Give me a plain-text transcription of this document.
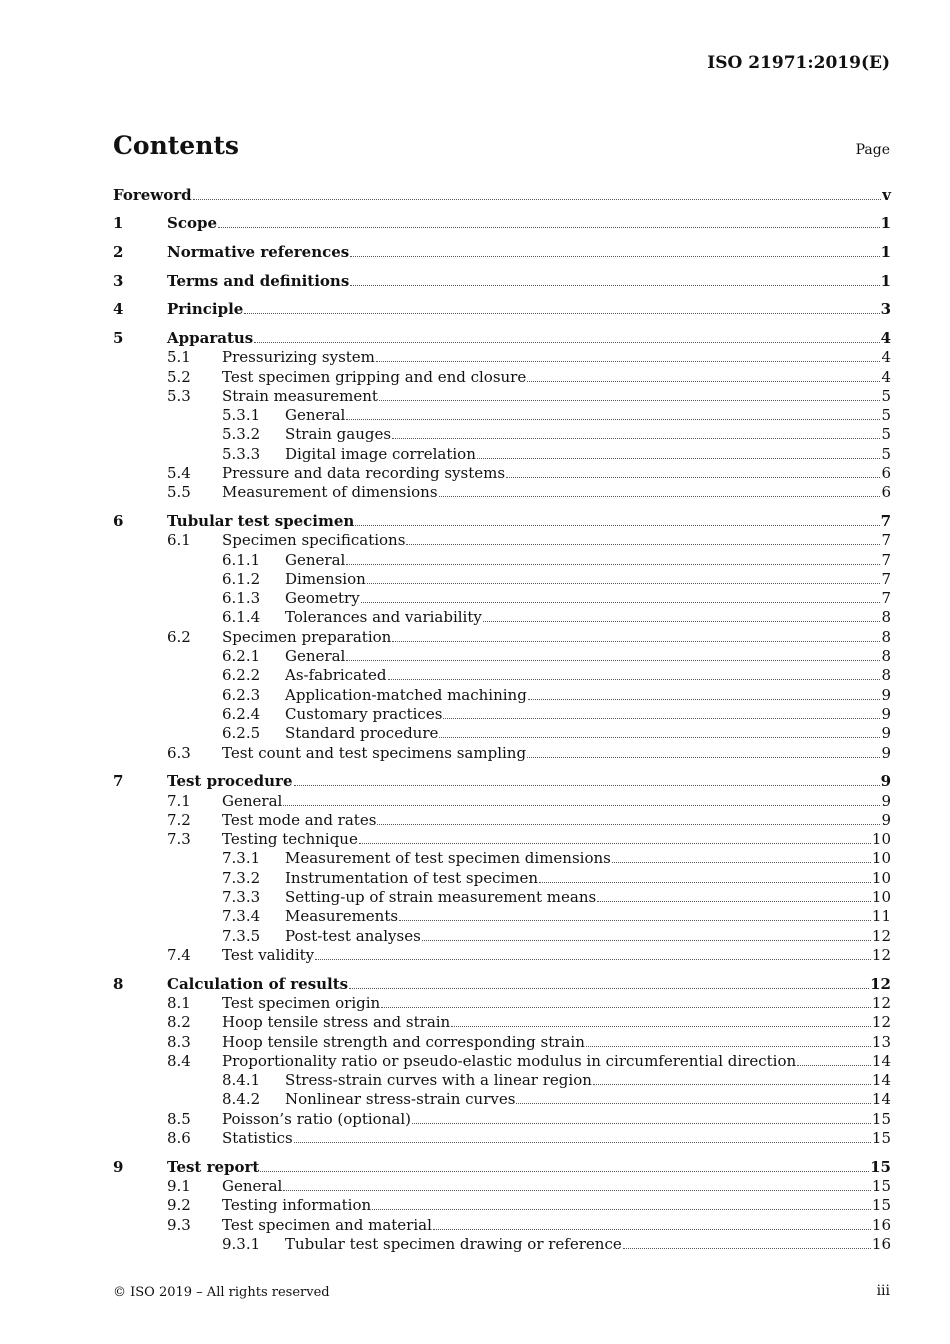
ISO 21971:2019(E)
Contents	Page
Foreword	v
1	Scope	1
2	Normative references	1
3	Terms and definitions	1
4	Principle	3
5	Apparatus	4
5.1	Pressurizing system	4
5.2	Test specimen gripping and end closure	4
5.3	Strain measurement	5
5.3.1	General	5
5.3.2	Strain gauges	5
5.3.3	Digital image correlation	5
5.4	Pressure and data recording systems	6
5.5	Measurement of dimensions	6
6	Tubular test specimen	7
6.1	Specimen specifications	7
6.1.1	General	7
6.1.2	Dimension	7
6.1.3	Geometry	7
6.1.4	Tolerances and variability	8
6.2	Specimen preparation	8
6.2.1	General	8
6.2.2	As-fabricated	8
6.2.3	Application-matched machining	9
6.2.4	Customary practices	9
6.2.5	Standard procedure	9
6.3	Test count and test specimens sampling	9
7	Test procedure	9
7.1	General	9
7.2	Test mode and rates	9
7.3	Testing technique	10
7.3.1	Measurement of test specimen dimensions	10
7.3.2	Instrumentation of test specimen	10
7.3.3	Setting-up of strain measurement means	10
7.3.4	Measurements	11
7.3.5	Post-test analyses	12
7.4	Test validity	12
8	Calculation of results	12
8.1	Test specimen origin	12
8.2	Hoop tensile stress and strain	12
8.3	Hoop tensile strength and corresponding strain	13
8.4	Proportionality ratio or pseudo-elastic modulus in circumferential direction	14
8.4.1	Stress-strain curves with a linear region	14
8.4.2	Nonlinear stress-strain curves	14
8.5	Poisson’s ratio (optional)	15
8.6	Statistics	15
9	Test report	15
9.1	General	15
9.2	Testing information	15
9.3	Test specimen and material	16
9.3.1	Tubular test specimen drawing or reference	16
© ISO 2019 – All rights reserved	iii
